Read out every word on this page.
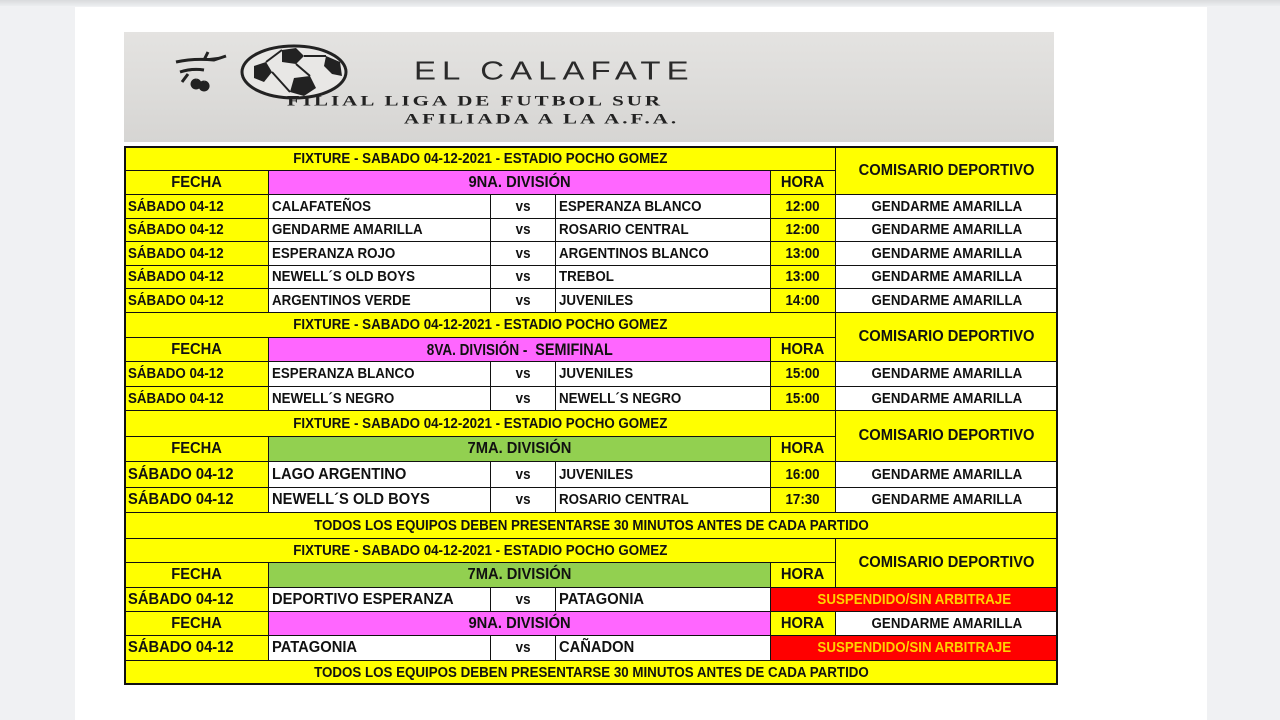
EL CALAFATE
FILIAL LIGA DE FUTBOL SUR
AFILIADA A LA A.F.A.
FIXTURE - SABADO 04-12-2021 - ESTADIO POCHO GOMEZ
COMISARIO DEPORTIVO
FECHA	9NA. DIVISIÓN	HORA
SÁBADO 04-12	CALAFATEÑOS	vs ESPERANZA BLANCO	12:00	GENDARME AMARILLA
SÁBADO 04-12	GENDARME AMARILLA	vs ROSARIO CENTRAL	12:00	GENDARME AMARILLA
SÁBADO 04-12	ESPERANZA ROJO	vs ARGENTINOS BLANCO	13:00	GENDARME AMARILLA
SÁBADO 04-12	NEWELL´S OLD BOYS	vs TREBOL	13:00	GENDARME AMARILLA
SÁBADO 04-12	ARGENTINOS VERDE	vs JUVENILES	14:00	GENDARME AMARILLA
FIXTURE - SABADO 04-12-2021 - ESTADIO POCHO GOMEZ
COMISARIO DEPORTIVO
FECHA	8VA. DIVISIÓN -SEMIFINAL	HORA
SÁBADO 04-12	ESPERANZA BLANCO	vs JUVENILES	15:00	GENDARME AMARILLA
SÁBADO 04-12	NEWELL´S NEGRO	vs NEWELL´S NEGRO	15:00	GENDARME AMARILLA
FIXTURE - SABADO 04-12-2021 - ESTADIO POCHO GOMEZ
COMISARIO DEPORTIVO
FECHA	7MA. DIVISIÓN	HORA
SÁBADO 04-12 LAGO ARGENTINO	vs JUVENILES	16:00	GENDARME AMARILLA
SÁBADO 04-12 NEWELL´S OLD BOYS	vs ROSARIO CENTRAL	17:30	GENDARME AMARILLA
TODOS LOS EQUIPOS DEBEN PRESENTARSE 30 MINUTOS ANTES DE CADA PARTIDO
FIXTURE - SABADO 04-12-2021 - ESTADIO POCHO GOMEZ
COMISARIO DEPORTIVO
FECHA	7MA. DIVISIÓN	HORA
SÁBADO 04-12 DEPORTIVO ESPERANZA	vs PATAGONIA	SUSPENDIDO/SIN ARBITRAJE
FECHA	9NA. DIVISIÓN	HORA	GENDARME AMARILLA
SÁBADO 04-12 PATAGONIA	vs CAÑADON	SUSPENDIDO/SIN ARBITRAJE
TODOS LOS EQUIPOS DEBEN PRESENTARSE 30 MINUTOS ANTES DE CADA PARTIDO
